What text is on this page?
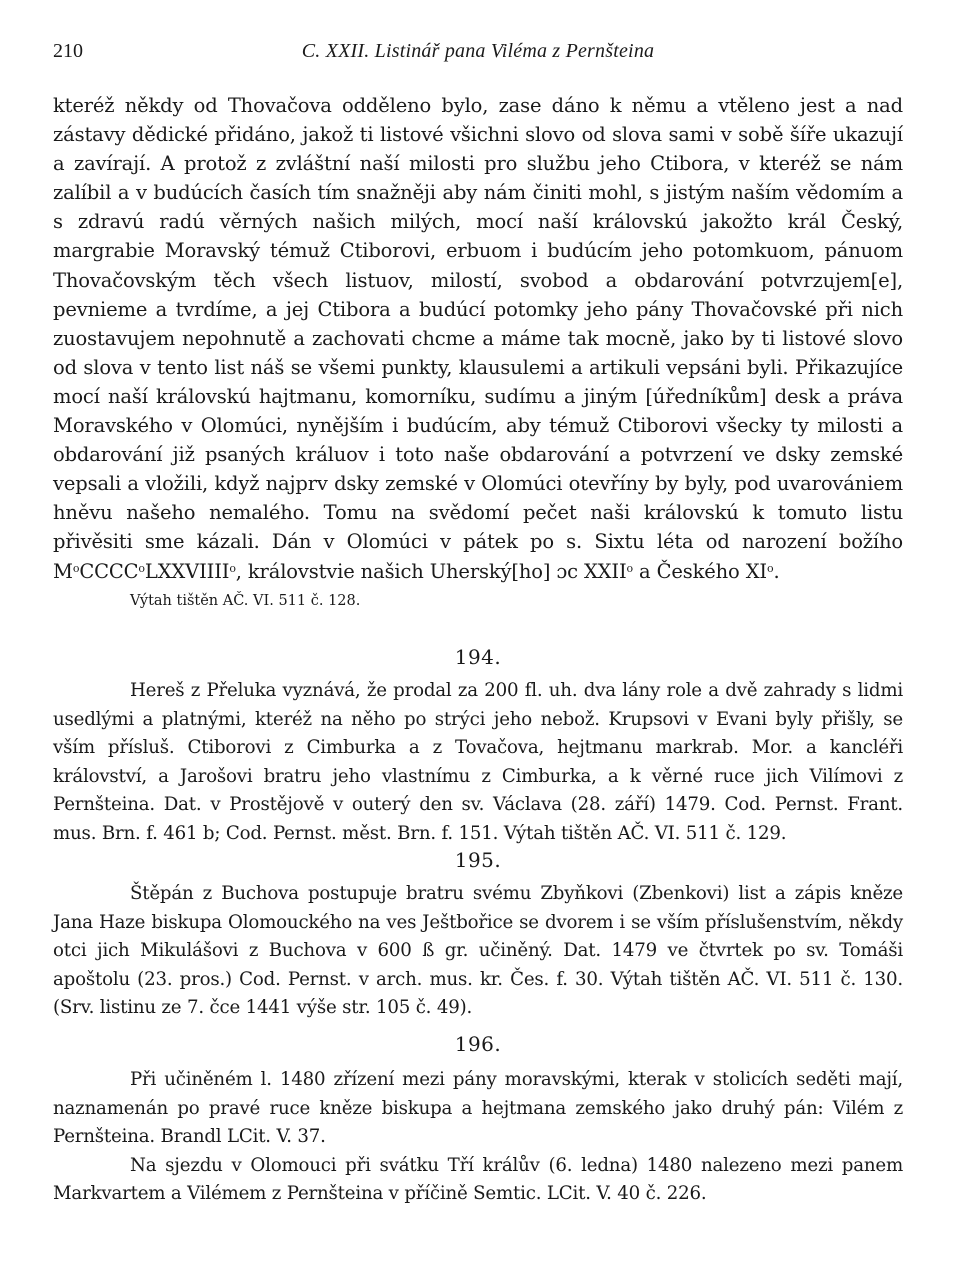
210	C. XXII. Listinář pana Viléma z Pernšteina

kteréž někdy od Thovačova odděleno bylo, zase dáno k němu a vtěleno jest a nad zástavy dědické přidáno, jakož ti listové všichni slovo od slova sami v sobě šíře ukazují a zavírají. A protož z zvláštní naší milosti pro službu jeho Ctibora, v kteréž se nám zalíbil a v budúcích časích tím snažněji aby nám činiti mohl, s jistým naším vědomím a s zdravú radú věrných našich milých, mocí naší královskú jakožto král Český, margrabie Moravský témuž Ctiborovi, erbuom i budúcím jeho potomkuom, pánuom Thovačovským těch všech listuov, milostí, svobod a obdarování potvrzujem[e], pevnieme a tvrdíme, a jej Ctibora a budúcí potomky jeho pány Thovačovské při nich zuostavujem nepohnutě a zachovati chcme a máme tak mocně, jako by ti listové slovo od slova v tento list náš se všemi punkty, klausulemi a artikuli vepsáni byli. Přikazujíce mocí naší královskú hajtmanu, komorníku, sudímu a jiným [úředníkům] desk a práva Moravského v Olomúci, nynějším i budúcím, aby témuž Ctiborovi všecky ty milosti a obdarování již psaných králuov i toto naše obdarování a potvrzení ve dsky zemské vepsali a vložili, když najprv dsky zemské v Olomúci otevříny by byly, pod uvarovániem hněvu našeho nemalého. Tomu na svědomí pečet naši královskú k tomuto listu přivěsiti sme kázali. Dán v Olomúci v pátek po s. Sixtu léta od narození božího $M^oCCCC^oLXXVIIII^o$, královstvie našich Uherský[ho] ɔc XXII$^o$ a Českého $XI^o$.

Výtah tištěn AČ. VI. 511 č. 128.
194.

Hereš z Přeluka vyznává, že prodal za 200 fl. uh. dva lány role a dvě zahrady s lidmi usedlými a platnými, kteréž na něho po strýci jeho nebož. Krupsovi v Evani byly přišly, se vším přísluš. Ctiborovi z Cimburka a z Tovačova, hejtmanu markrab. Mor. a kancléři království, a Jarošovi bratru jeho vlastnímu z Cimburka, a k věrné ruce jich Vilímovi z Pernšteina. Dat. v Prostějově v outerý den sv. Václava (28. září) 1479. Cod. Pernst. Frant. mus. Brn. f. 461 b; Cod. Pernst. měst. Brn. f. 151. Výtah tištěn AČ. VI. 511 č. 129.

195.

Štěpán z Buchova postupuje bratru svému Zbyňkovi (Zbenkovi) list a zápis kněze Jana Haze biskupa Olomouckého na ves Ještbořice se dvorem i se vším příslušenstvím, někdy otci jich Mikulášovi z Buchova v 600 ß gr. učiněný. Dat. 1479 ve čtvrtek po sv. Tomáši apoštolu (23. pros.) Cod. Pernst. v arch. mus. kr. Čes. f. 30. Výtah tištěn AČ. VI. 511 č. 130. (Srv. listinu ze 7. čce 1441 výše str. 105 č. 49).

196.

Při učiněném l. 1480 zřízení mezi pány moravskými, kterak v stolicích seděti mají, naznamenán po pravé ruce kněze biskupa a hejtmana zemského jako druhý pán: Vilém z Pernšteina. Brandl LCit. V. 37.

Na sjezdu v Olomouci při svátku Tří králův (6. ledna) 1480 nalezeno mezi panem Markvartem a Vilémem z Pernšteina v příčině Semtic. LCit. V. 40 č. 226.
